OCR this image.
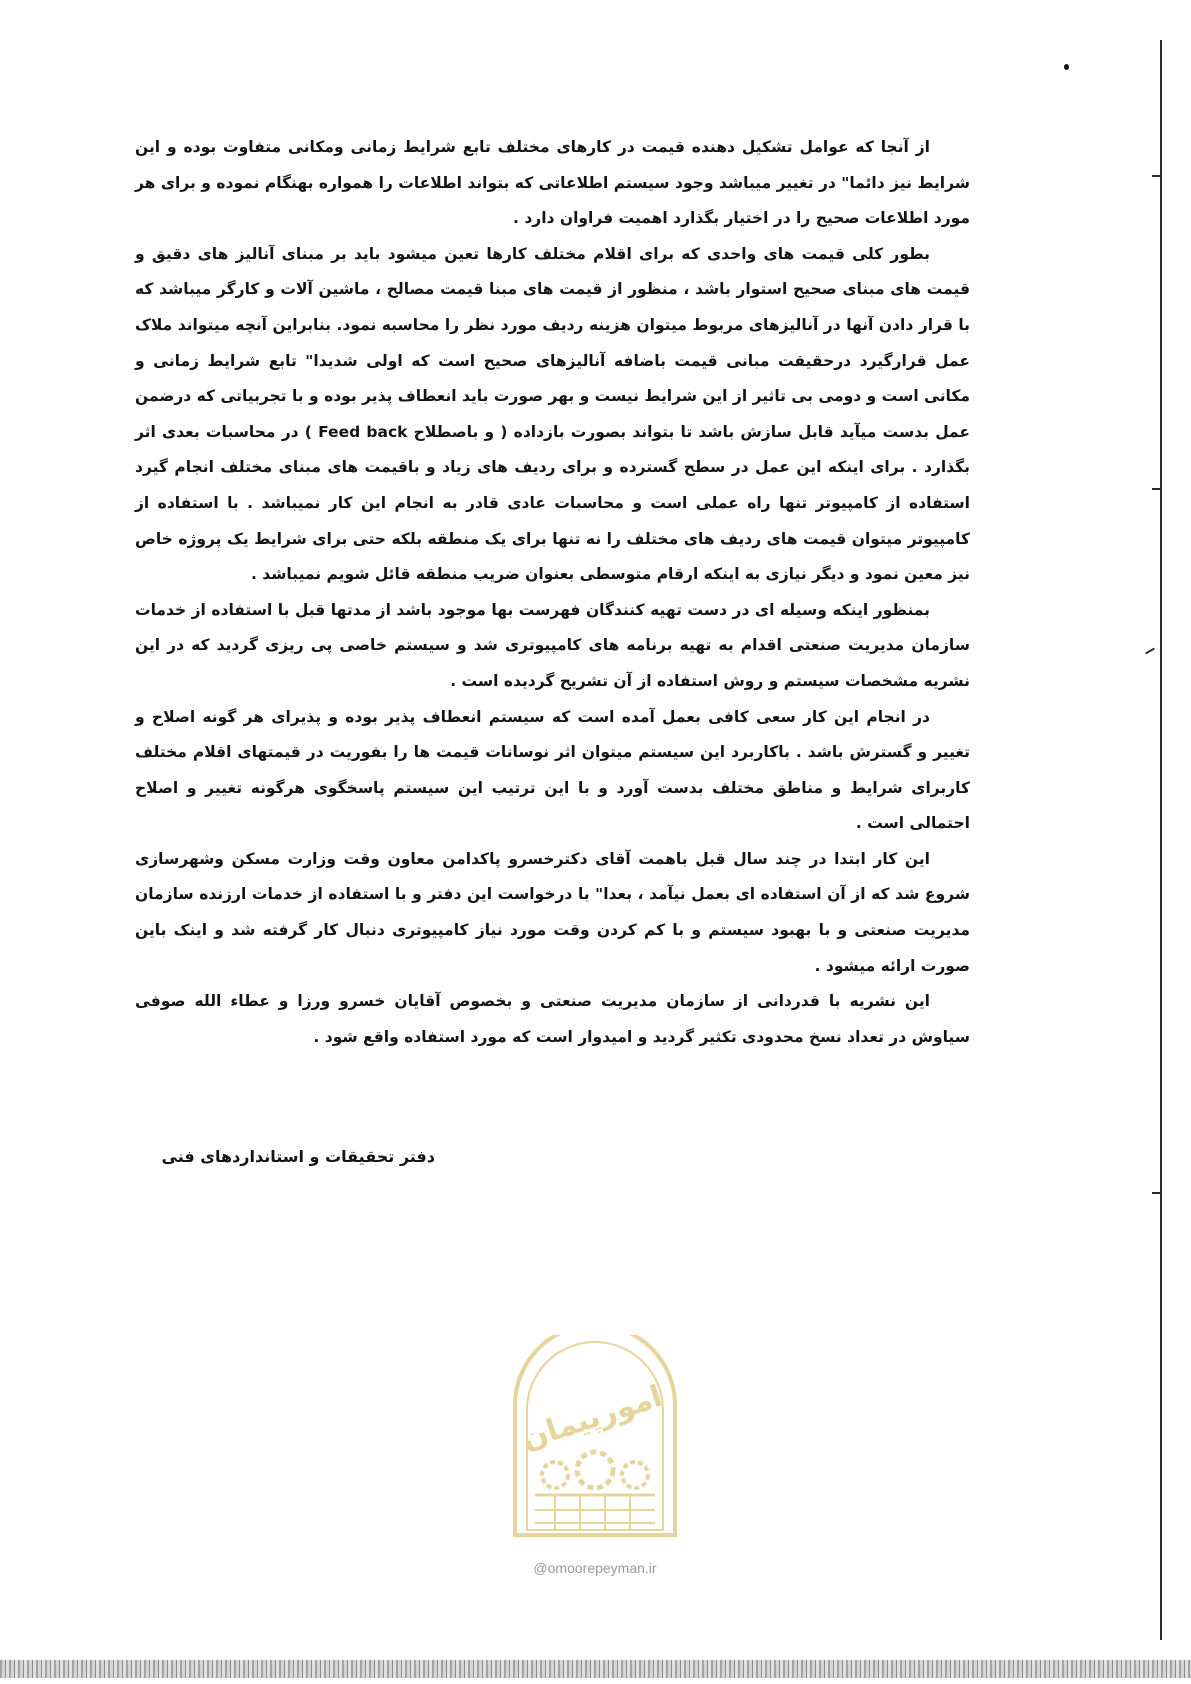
از آنجا که عوامل تشکیل دهنده قیمت در کارهای مختلف تابع شرایط زمانی ومکانی متفاوت بوده و این شرایط نیز دائما" در تغییر میباشد وجود سیستم اطلاعاتی که بتواند اطلاعات را همواره بهنگام نموده و برای هر مورد اطلاعات صحیح را در اختیار بگذارد اهمیت فراوان دارد .

بطور کلی قیمت های واحدی که برای اقلام مختلف کارها تعین میشود باید بر مبنای آنالیز های دقیق و قیمت های مبنای صحیح استوار باشد ، منظور از قیمت های مبنا قیمت مصالح ، ماشین آلات و کارگر میباشد که با قرار دادن آنها در آنالیزهای مربوط میتوان هزینه ردیف مورد نظر را محاسبه نمود. بنابراین آنچه میتواند ملاک عمل قرارگیرد درحقیقت مبانی قیمت باضافه آنالیزهای صحیح است که اولی شدیدا" تابع شرایط زمانی و مکانی است و دومی بی تاثیر از این شرایط نیست و بهر صورت باید انعطاف پذیر بوده و با تجربیاتی که درضمن عمل بدست میآید قابل سازش باشد تا بتواند بصورت بازداده ( و باصطلاح Feed back ) در محاسبات بعدی اثر بگذارد . برای اینکه این عمل در سطح گسترده و برای ردیف های زیاد و باقیمت های مبنای مختلف انجام گیرد استفاده از کامپیوتر تنها راه عملی است و محاسبات عادی قادر به انجام این کار نمیباشد . با استفاده از کامپیوتر میتوان قیمت های ردیف های مختلف را نه تنها برای یک منطقه بلکه حتی برای شرایط یک پروژه خاص نیز معین نمود و دیگر نیازی به اینکه ارقام متوسطی بعنوان ضریب منطقه قائل شویم نمیباشد .

بمنظور اینکه وسیله ای در دست تهیه کنندگان فهرست بها موجود باشد از مدتها قبل با استفاده از خدمات سازمان مدیریت صنعتی اقدام به تهیه برنامه های کامپیوتری شد و سیستم خاصی پی ریزی گردید که در این نشریه مشخصات سیستم و روش استفاده از آن تشریح گردیده است .

در انجام این کار سعی کافی بعمل آمده است که سیستم انعطاف پذیر بوده و پذیرای هر گونه اصلاح و تغییر و گسترش باشد . باکاربرد این سیستم میتوان اثر نوسانات قیمت ها را بفوریت در قیمتهای اقلام مختلف کاربرای شرایط و مناطق مختلف بدست آورد و با این ترتیب این سیستم پاسخگوی هرگونه تغییر و اصلاح احتمالی است .

این کار ابتدا در چند سال قبل باهمت آقای دکترخسرو پاکدامن معاون وقت وزارت مسکن وشهرسازی شروع شد که از آن استفاده ای بعمل نیآمد ، بعدا" با درخواست این دفتر و با استفاده از خدمات ارزنده سازمان مدیریت صنعتی و با بهبود سیستم و با کم کردن وقت مورد نیاز کامپیوتری دنبال کار گرفته شد و اینک باین صورت ارائه میشود .

این نشریه با قدردانی از سازمان مدیریت صنعتی و بخصوص آقایان خسرو ورزا و عطاء الله صوفی سیاوش در تعداد نسخ محدودی تکثیر گردید و امیدوار است که مورد استفاده واقع شود .

دفتر تحقیقات و استانداردهای فنی
امورپیمان
@omoorepeyman.ir
